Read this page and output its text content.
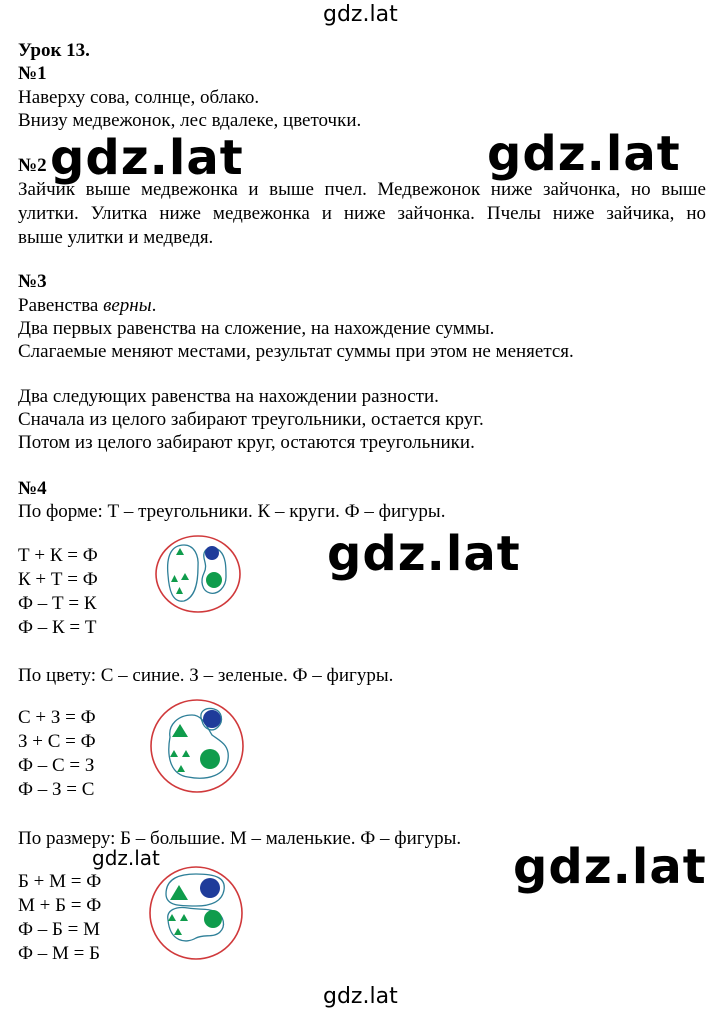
gdz.lat
gdz.lat	gdz.lat
gdz.lat
gdz.lat
gdz.lat
gdz.lat
Урок 13.
№1
Наверху сова, солнце, облако.
Внизу медвежонок, лес вдалеке, цветочки.
№2
Зайчик выше медвежонка и выше пчел. Медвежонок ниже зайчонка, но выше
улитки. Улитка ниже медвежонка и ниже зайчонка. Пчелы ниже зайчика, но
выше улитки и медведя.
№3
Равенства верны.
Два первых равенства на сложение, на нахождение суммы.
Слагаемые меняют местами, результат суммы при этом не меняется.
Два следующих равенства на нахождении разности.
Сначала из целого забирают треугольники, остается круг.
Потом из целого забирают круг, остаются треугольники.
№4
По форме: Т – треугольники. К – круги. Ф – фигуры.
Т + К = Ф
К + Т = Ф
Ф – Т = К
Ф – К = Т
По цвету: С – синие. З – зеленые. Ф – фигуры.
С + З = Ф
З + С = Ф
Ф – С = З
Ф – З = С
По размеру: Б – большие. М – маленькие. Ф – фигуры.
Б + М = Ф
М + Б = Ф
Ф – Б = М
Ф – М = Б
